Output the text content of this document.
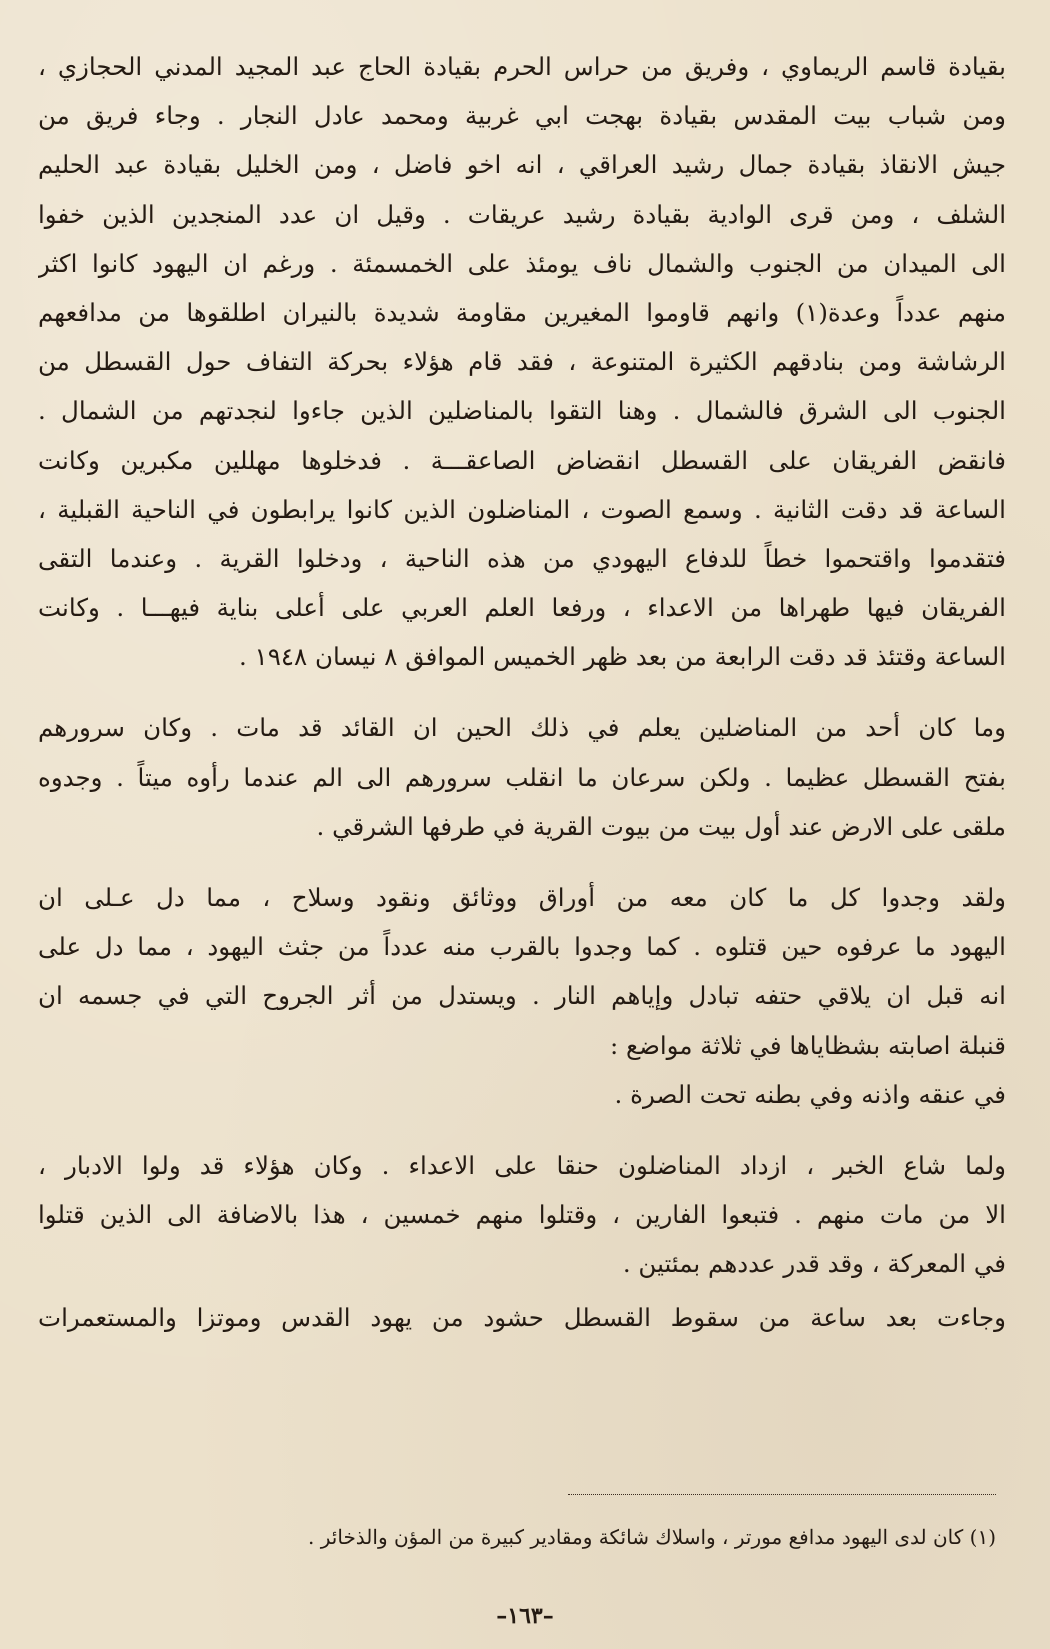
بقيادة قاسم الريماوي ، وفريق من حراس الحرم بقيادة الحاج عبد المجيد المدني الحجازي ،
ومن شباب بيت المقدس بقيادة بهجت ابي غربية ومحمد عادل النجار . وجاء فريق من
جيش الانقاذ بقيادة جمال رشيد العراقي ، انه اخو فاضل ، ومن الخليل بقيادة عبد الحليم
الشلف ، ومن قرى الوادية بقيادة رشيد عريقات . وقيل ان عدد المنجدين الذين خفوا
الى الميدان من الجنوب والشمال ناف يومئذ على الخمسمئة . ورغم ان اليهود كانوا اكثر
منهم عدداً وعدة(١) وانهم قاوموا المغيرين مقاومة شديدة بالنيران اطلقوها من مدافعهم
الرشاشة ومن بنادقهم الكثيرة المتنوعة ، فقد قام هؤلاء بحركة التفاف حول القسطل من
الجنوب الى الشرق فالشمال . وهنا التقوا بالمناضلين الذين جاءوا لنجدتهم من الشمال .
فانقض الفريقان على القسطل انقضاض الصاعقـــة . فدخلوها مهللين مكبرين وكانت
الساعة قد دقت الثانية . وسمع الصوت ، المناضلون الذين كانوا يرابطون في الناحية القبلية ،
فتقدموا واقتحموا خطاً للدفاع اليهودي من هذه الناحية ، ودخلوا القرية . وعندما التقى
الفريقان فيها طهراها من الاعداء ، ورفعا العلم العربي على أعلى بناية فيهـــا . وكانت
الساعة وقتئذ قد دقت الرابعة من بعد ظهر الخميس الموافق ٨ نيسان ١٩٤٨ .
وما كان أحد من المناضلين يعلم في ذلك الحين ان القائد قد مات . وكان سرورهم
بفتح القسطل عظيما . ولكن سرعان ما انقلب سرورهم الى الم عندما رأوه ميتاً . وجدوه
ملقى على الارض عند أول بيت من بيوت القرية في طرفها الشرقي .
ولقد وجدوا كل ما كان معه من أوراق ووثائق ونقود وسلاح ، مما دل عـلى ان
اليهود ما عرفوه حين قتلوه . كما وجدوا بالقرب منه عدداً من جثث اليهود ، مما دل على
انه قبل ان يلاقي حتفه تبادل وإياهم النار . ويستدل من أثر الجروح التي في جسمه ان
قنبلة اصابته بشظاياها في ثلاثة مواضع :
في عنقه واذنه وفي بطنه تحت الصرة .
ولما شاع الخبر ، ازداد المناضلون حنقا على الاعداء . وكان هؤلاء قد ولوا الادبار ،
الا من مات منهم . فتبعوا الفارين ، وقتلوا منهم خمسين ، هذا بالاضافة الى الذين قتلوا
في المعركة ، وقد قدر عددهم بمئتين .
وجاءت بعد ساعة من سقوط القسطل حشود من يهود القدس وموتزا والمستعمرات
(١) كان لدى اليهود مدافع مورتر ، واسلاك شائكة ومقادير كبيرة من المؤن والذخائر .
–١٦٣–
